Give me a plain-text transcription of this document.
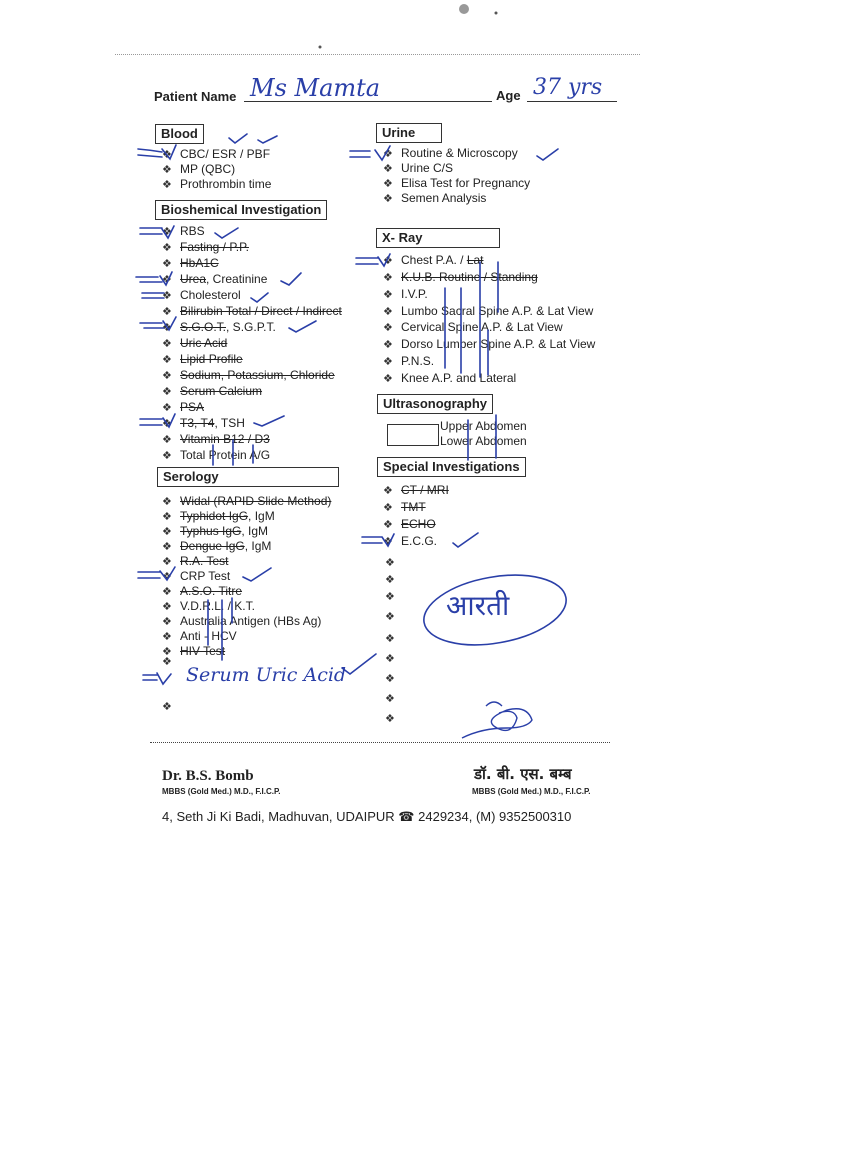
Patient Name Ms Mamta	Age 37 yrs
Blood
❖ CBC/ ESR / PBF
❖ MP (QBC)
❖ Prothrombin time
Bioshemical Investigation
❖ RBS
❖ Fasting / P.P.
❖ HbA1C
❖ Urea, Creatinine
❖ Cholesterol
❖ Bilirubin Total / Direct / Indirect
❖ S.G.O.T., S.G.P.T.
❖ Uric Acid
❖ Lipid Profile
❖ Sodium, Potassium, Chloride
❖ Serum Calcium
❖ PSA
❖ T3, T4, TSH
❖ Vitamin B12 / D3
❖ Total Protein A/G
Serology
❖ Widal (RAPID Slide Method)
❖ Typhidot IgG, IgM
❖ Typhus IgG, IgM
❖ Dengue IgG, IgM
❖ R.A. Test
❖ CRP Test
❖ A.S.O. Titre
❖ V.D.R.L. / K.T.
❖ Australia Antigen (HBs Ag)
❖ Anti - HCV
❖ HIV Test
Serum Uric Acid
❖
❖
Urine
❖ Routine & Microscopy
❖ Urine C/S
❖ Elisa Test for Pregnancy
❖ Semen Analysis
X- Ray
❖ Chest P.A. / Lat
❖ K.U.B. Routine / Standing
❖ I.V.P.
❖ Lumbo Sacral Spine A.P. & Lat View
❖ Cervical Spine A.P. & Lat View
❖ Dorso Lumber Spine A.P. & Lat View
❖ P.N.S.
❖ Knee A.P. and Lateral
Ultrasonography
Upper Abdomen
Lower Abdomen
Special Investigations
❖ CT / MRI
❖ TMT
❖ ECHO
❖ E.C.G.
❖
❖
❖
❖
❖
❖
❖
❖
❖
आरती
Dr. B.S. Bomb
MBBS (Gold Med.) M.D., F.I.C.P.
डॉ. बी. एस. बम्ब
MBBS (Gold Med.) M.D., F.I.C.P.
4, Seth Ji Ki Badi, Madhuvan, UDAIPUR ☎ 2429234, (M) 9352500310
